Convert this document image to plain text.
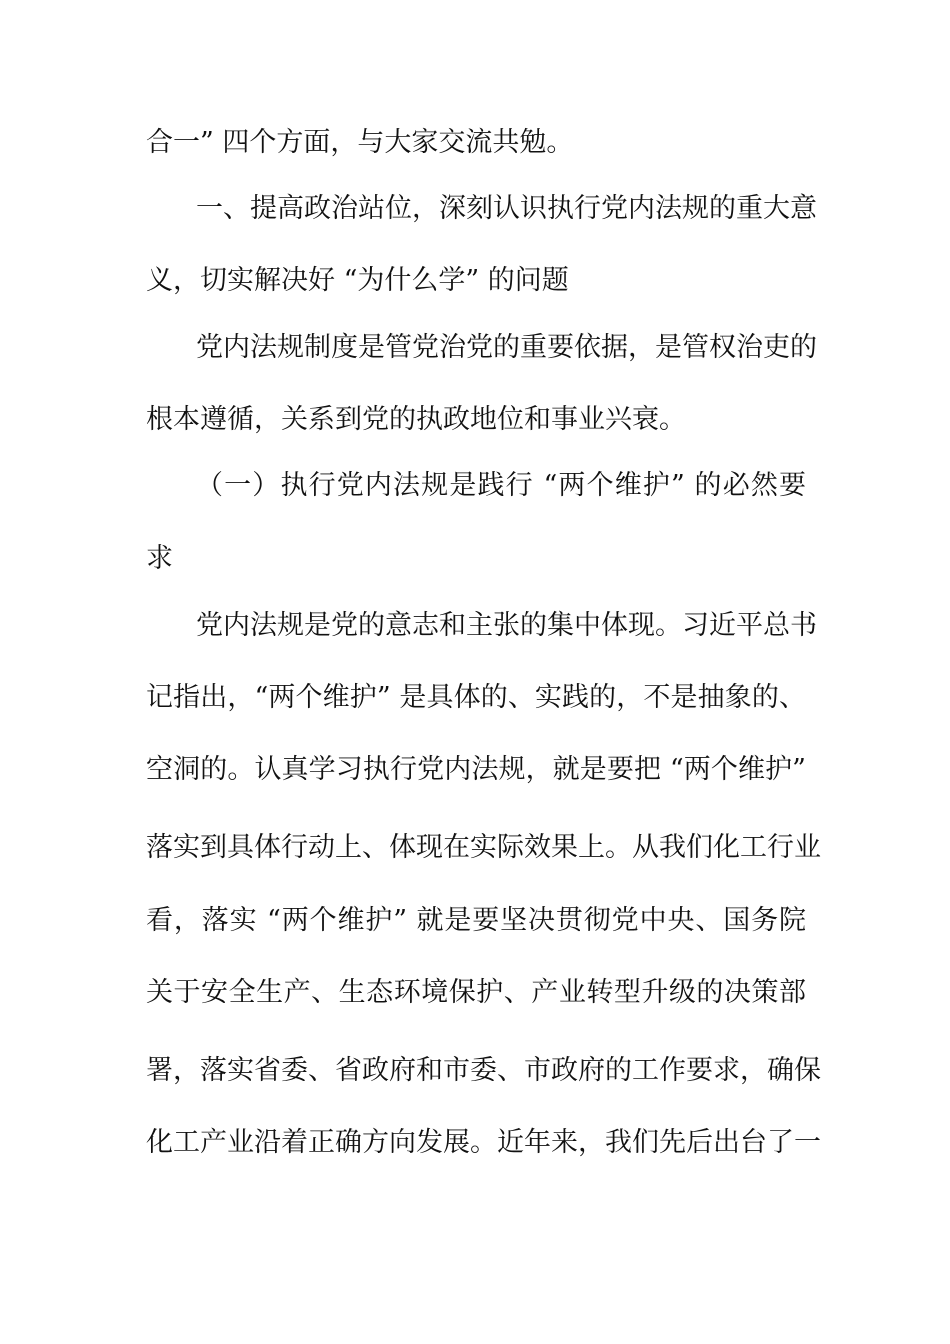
合一” 四个方面，与大家交流共勉。
一、提高政治站位，深刻认识执行党内法规的重大意
义，切实解决好 “为什么学” 的问题
党内法规制度是管党治党的重要依据，是管权治吏的
根本遵循，关系到党的执政地位和事业兴衰。
（一）执行党内法规是践行 “两个维护” 的必然要
求
党内法规是党的意志和主张的集中体现。习近平总书
记指出，“两个维护” 是具体的、实践的，不是抽象的、
空洞的。认真学习执行党内法规，就是要把 “两个维护”
落实到具体行动上、体现在实际效果上。从我们化工行业
看，落实 “两个维护” 就是要坚决贯彻党中央、国务院
关于安全生产、生态环境保护、产业转型升级的决策部
署，落实省委、省政府和市委、市政府的工作要求，确保
化工产业沿着正确方向发展。近年来，我们先后出台了一
